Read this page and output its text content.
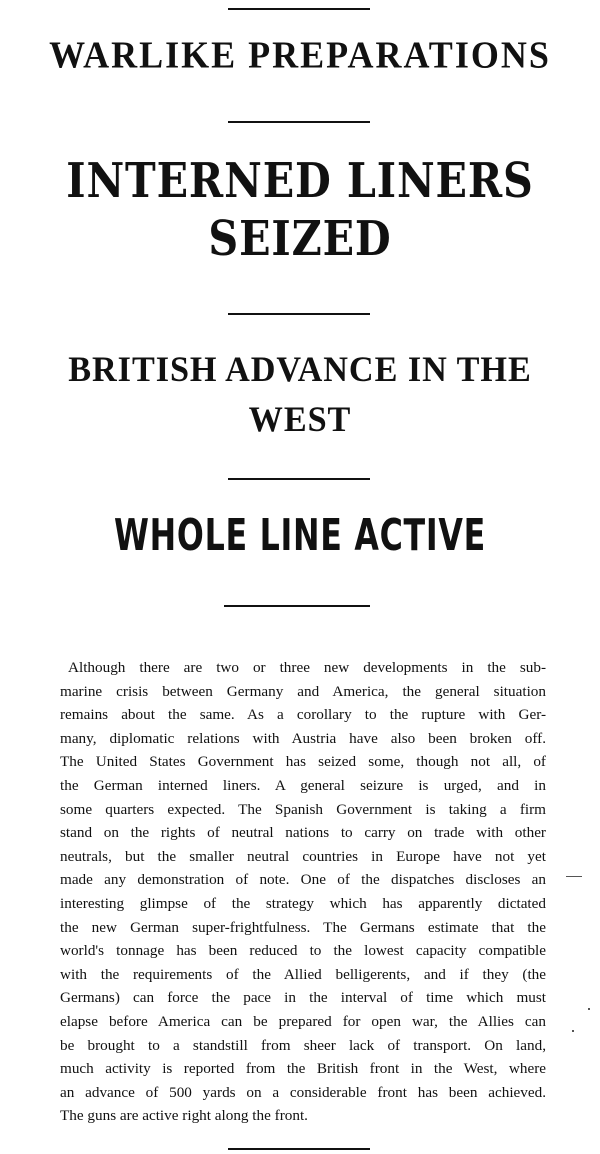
WARLIKE PREPARATIONS
INTERNED LINERS
SEIZED
BRITISH ADVANCE IN THE
WEST
WHOLE LINE ACTIVE
Although there are two or three new developments in the sub-
marine crisis between Germany and America, the general situation
remains about the same. As a corollary to the rupture with Ger-
many, diplomatic relations with Austria have also been broken off.
The United States Government has seized some, though not all, of
the German interned liners. A general seizure is urged, and in
some quarters expected. The Spanish Government is taking a firm
stand on the rights of neutral nations to carry on trade with other
neutrals, but the smaller neutral countries in Europe have not yet
made any demonstration of note. One of the dispatches discloses an
interesting glimpse of the strategy which has apparently dictated
the new German super-frightfulness. The Germans estimate that the
world's tonnage has been reduced to the lowest capacity compatible
with the requirements of the Allied belligerents, and if they (the
Germans) can force the pace in the interval of time which must
elapse before America can be prepared for open war, the Allies can
be brought to a standstill from sheer lack of transport. On land,
much activity is reported from the British front in the West, where
an advance of 500 yards on a considerable front has been achieved.
The guns are active right along the front.
